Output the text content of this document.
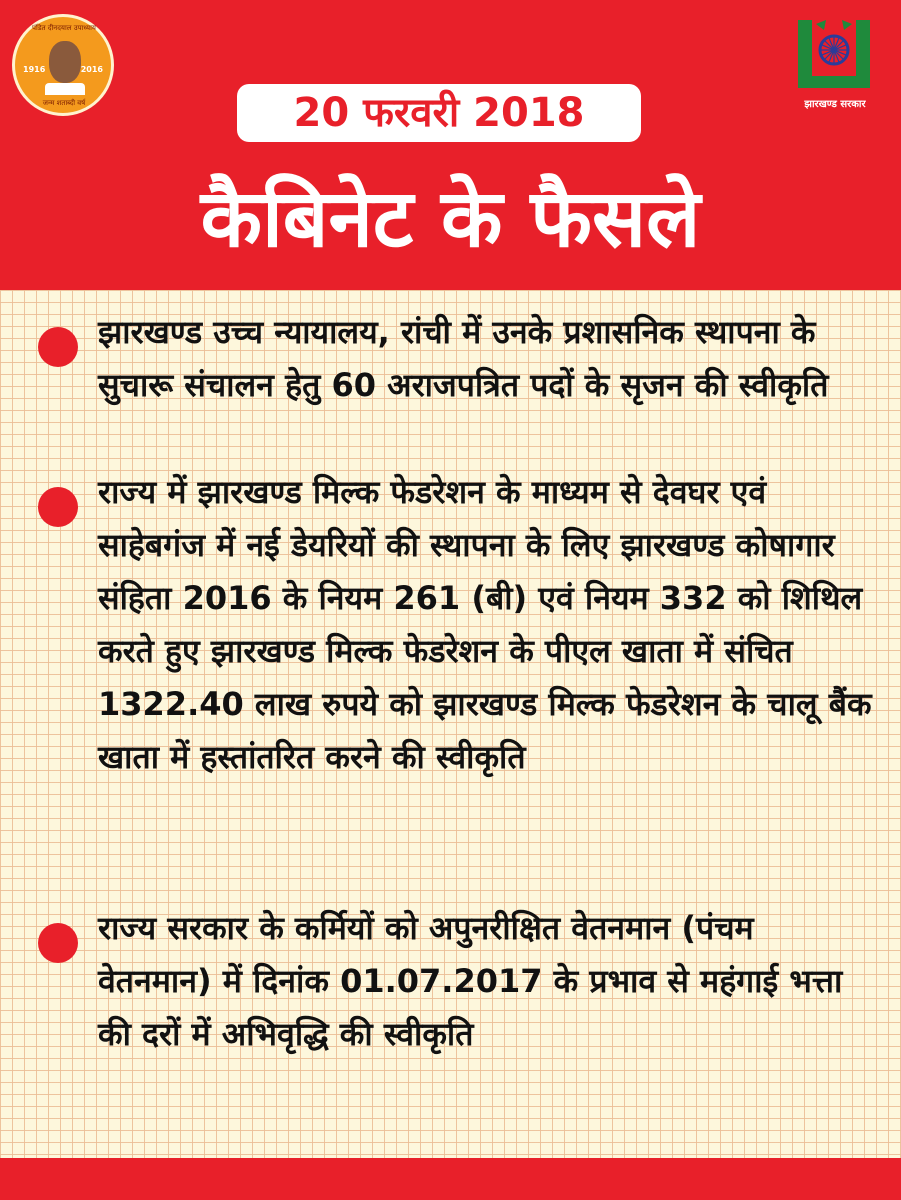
पंडित दीनदयाल उपाध्याय
1916	2016
जन्म शताब्दी वर्ष	झारखण्ड सरकार
20 फरवरी 2018
कैबिनेट के फैसले
झारखण्ड उच्च न्यायालय, रांची में उनके प्रशासनिक स्थापना के सुचारू संचालन हेतु 60 अराजपत्रित पदों के सृजन की स्वीकृति
राज्य में झारखण्ड मिल्क फेडरेशन के माध्यम से देवघर एवं साहेबगंज में नई डेयरियों की स्थापना के लिए झारखण्ड कोषागार संहिता 2016 के नियम 261 (बी) एवं नियम 332 को शिथिल करते हुए झारखण्ड मिल्क फेडरेशन के पीएल खाता में संचित 1322.40 लाख रुपये को झारखण्ड मिल्क फेडरेशन के चालू बैंक खाता में हस्तांतरित करने की स्वीकृति
राज्य सरकार के कर्मियों को अपुनरीक्षित वेतनमान (पंचम वेतनमान) में दिनांक 01.07.2017 के प्रभाव से महंगाई भत्ता की दरों में अभिवृद्धि की स्वीकृति
